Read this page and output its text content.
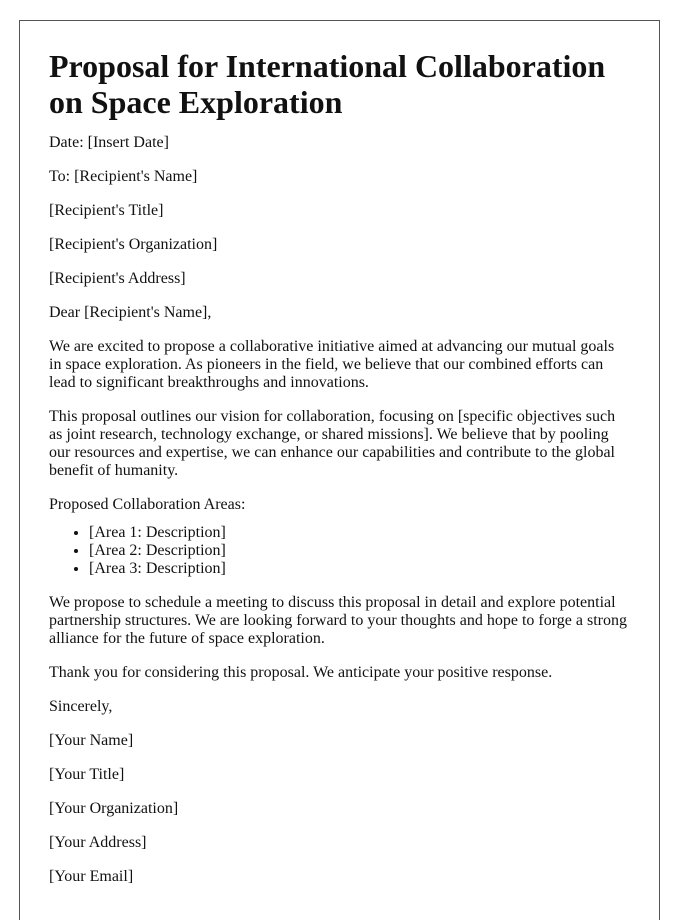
Proposal for International Collaboration on Space Exploration

Date: [Insert Date]

To: [Recipient's Name]

[Recipient's Title]

[Recipient's Organization]

[Recipient's Address]

Dear [Recipient's Name],

We are excited to propose a collaborative initiative aimed at advancing our mutual goals in space exploration. As pioneers in the field, we believe that our combined efforts can lead to significant breakthroughs and innovations.

This proposal outlines our vision for collaboration, focusing on [specific objectives such as joint research, technology exchange, or shared missions]. We believe that by pooling our resources and expertise, we can enhance our capabilities and contribute to the global benefit of humanity.

Proposed Collaboration Areas:

• [Area 1: Description]
• [Area 2: Description]
• [Area 3: Description]

We propose to schedule a meeting to discuss this proposal in detail and explore potential partnership structures. We are looking forward to your thoughts and hope to forge a strong alliance for the future of space exploration.

Thank you for considering this proposal. We anticipate your positive response.

Sincerely,

[Your Name]

[Your Title]

[Your Organization]

[Your Address]

[Your Email]
